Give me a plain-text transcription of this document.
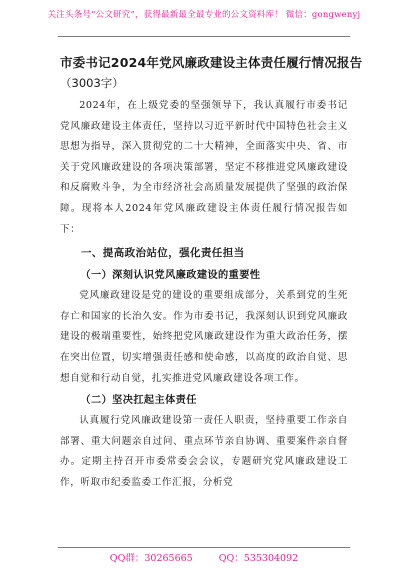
关注头条号“公文研究”，获得最新最全最专业的公文资料库！ 微信：gongwenyj

市委书记2024年党风廉政建设主体责任履行情况报告

（3003字）

2024年，在上级党委的坚强领导下，我认真履行市委书记党风廉政建设主体责任，坚持以习近平新时代中国特色社会主义思想为指导，深入贯彻党的二十大精神，全面落实中央、省、市关于党风廉政建设的各项决策部署，坚定不移推进党风廉政建设和反腐败斗争，为全市经济社会高质量发展提供了坚强的政治保障。现将本人2024年党风廉政建设主体责任履行情况报告如下：

一、提高政治站位，强化责任担当

（一）深刻认识党风廉政建设的重要性

党风廉政建设是党的建设的重要组成部分，关系到党的生死存亡和国家的长治久安。作为市委书记，我深刻认识到党风廉政建设的极端重要性，始终把党风廉政建设作为重大政治任务，摆在突出位置，切实增强责任感和使命感，以高度的政治自觉、思想自觉和行动自觉，扎实推进党风廉政建设各项工作。

（二）坚决扛起主体责任

认真履行党风廉政建设第一责任人职责，坚持重要工作亲自部署、重大问题亲自过问、重点环节亲自协调、重要案件亲自督办。定期主持召开市委常委会会议，专题研究党风廉政建设工作，听取市纪委监委工作汇报，分析党

QQ群：30265665	QQ：535304092
